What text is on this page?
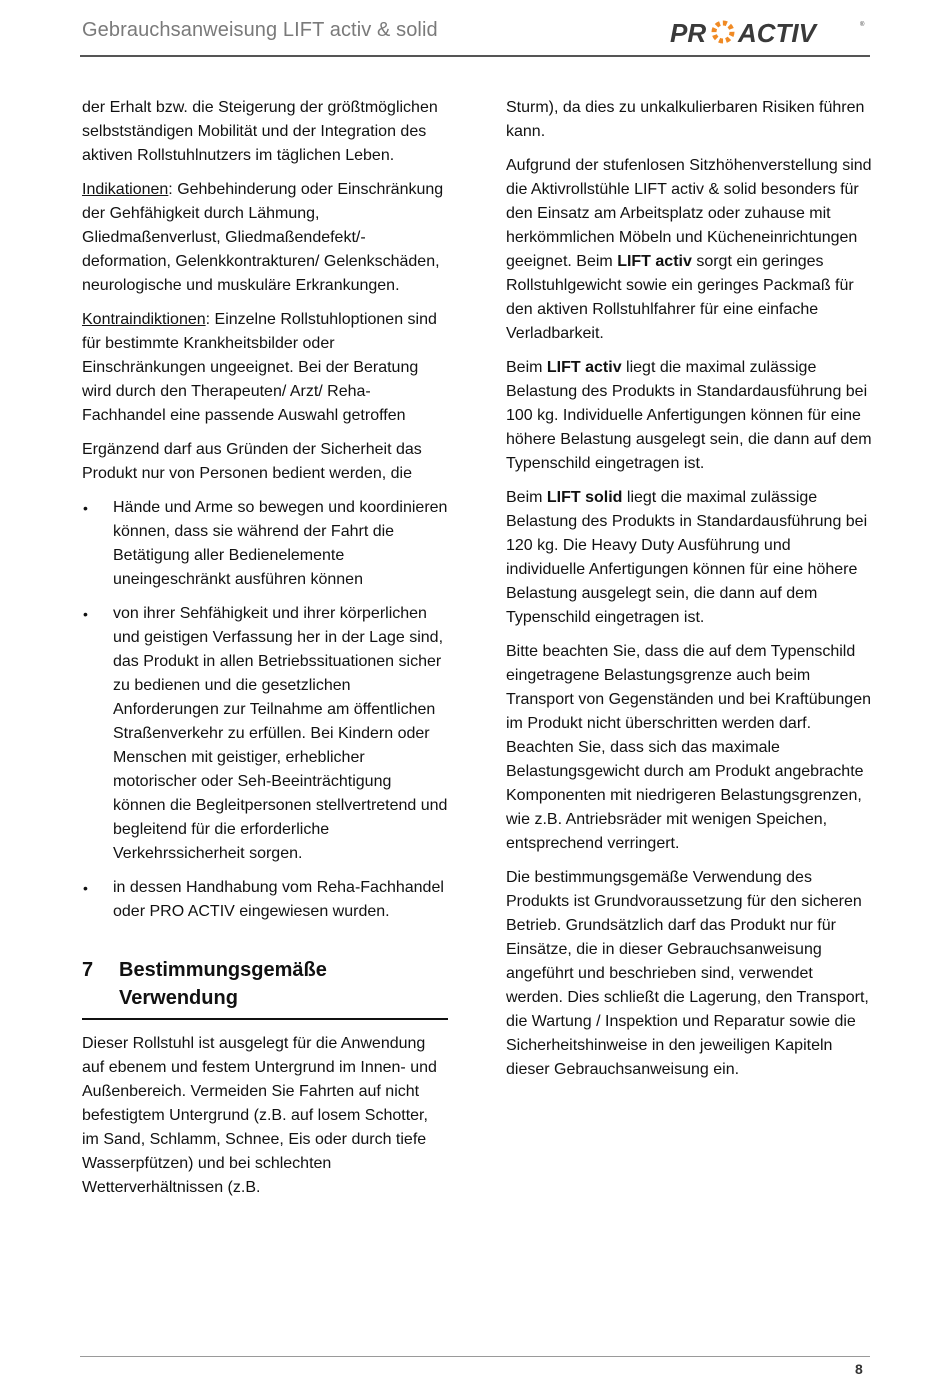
Gebrauchsanweisung LIFT activ & solid	PR ACTIV	®

der Erhalt bzw. die Steigerung der größtmöglichen selbstständigen Mobilität und der Integration des aktiven Rollstuhlnutzers im täglichen Leben.

Indikationen: Gehbehinderung oder Einschränkung der Gehfähigkeit durch Lähmung, Gliedmaßenverlust, Gliedmaßendefekt/-deformation, Gelenkkontrakturen/ Gelenkschäden, neurologische und muskuläre Erkrankungen.

Kontraindiktionen: Einzelne Rollstuhloptionen sind für bestimmte Krankheitsbilder oder Einschränkungen ungeeignet. Bei der Beratung wird durch den Therapeuten/ Arzt/ Reha-Fachhandel eine passende Auswahl getroffen

Ergänzend darf aus Gründen der Sicherheit das Produkt nur von Personen bedient werden, die

• Hände und Arme so bewegen und koordinieren können, dass sie während der Fahrt die Betätigung aller Bedienelemente uneingeschränkt ausführen können
• von ihrer Sehfähigkeit und ihrer körperlichen und geistigen Verfassung her in der Lage sind, das Produkt in allen Betriebssituationen sicher zu bedienen und die gesetzlichen Anforderungen zur Teilnahme am öffentlichen Straßenverkehr zu erfüllen. Bei Kindern oder Menschen mit geistiger, erheblicher motorischer oder Seh-Beeinträchtigung können die Begleitpersonen stellvertretend und begleitend für die erforderliche Verkehrssicherheit sorgen.
• in dessen Handhabung vom Reha-Fachhandel oder PRO ACTIV eingewiesen wurden.
7	Bestimmungsgemäße Verwendung

Dieser Rollstuhl ist ausgelegt für die Anwendung auf ebenem und festem Untergrund im Innen- und Außenbereich. Vermeiden Sie Fahrten auf nicht befestigtem Untergrund (z.B. auf losem Schotter, im Sand, Schlamm, Schnee, Eis oder durch tiefe Wasserpfützen) und bei schlechten Wetterverhältnissen (z.B.

Sturm), da dies zu unkalkulierbaren Risiken führen kann.

Aufgrund der stufenlosen Sitzhöhenverstellung sind die Aktivrollstühle LIFT activ & solid besonders für den Einsatz am Arbeitsplatz oder zuhause mit herkömmlichen Möbeln und Kücheneinrichtungen geeignet. Beim LIFT activ sorgt ein geringes Rollstuhlgewicht sowie ein geringes Packmaß für den aktiven Rollstuhlfahrer für eine einfache Verladbarkeit.

Beim LIFT activ liegt die maximal zulässige Belastung des Produkts in Standardausführung bei 100 kg. Individuelle Anfertigungen können für eine höhere Belastung ausgelegt sein, die dann auf dem Typenschild eingetragen ist.

Beim LIFT solid liegt die maximal zulässige Belastung des Produkts in Standardausführung bei 120 kg. Die Heavy Duty Ausführung und individuelle Anfertigungen können für eine höhere Belastung ausgelegt sein, die dann auf dem Typenschild eingetragen ist.

Bitte beachten Sie, dass die auf dem Typenschild eingetragene Belastungsgrenze auch beim Transport von Gegenständen und bei Kraftübungen im Produkt nicht überschritten werden darf. Beachten Sie, dass sich das maximale Belastungsgewicht durch am Produkt angebrachte Komponenten mit niedrigeren Belastungsgrenzen, wie z.B. Antriebsräder mit wenigen Speichen, entsprechend verringert.

Die bestimmungsgemäße Verwendung des Produkts ist Grundvoraussetzung für den sicheren Betrieb. Grundsätzlich darf das Produkt nur für Einsätze, die in dieser Gebrauchsanweisung angeführt und beschrieben sind, verwendet werden. Dies schließt die Lagerung, den Transport, die Wartung / Inspektion und Reparatur sowie die Sicherheitshinweise in den jeweiligen Kapiteln dieser Gebrauchsanweisung ein.

8
